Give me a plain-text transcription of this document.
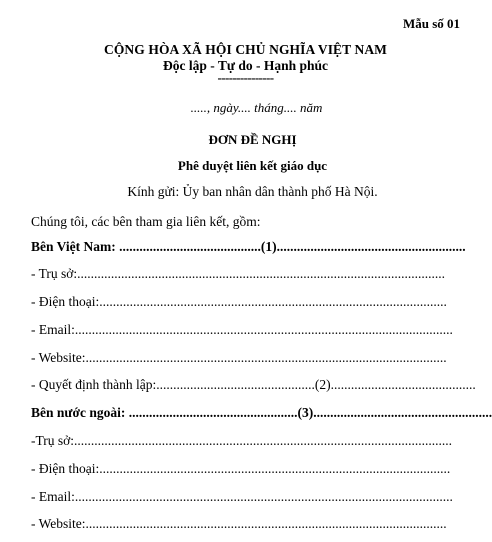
Mẫu số 01
CỘNG HÒA XÃ HỘI CHỦ NGHĨA VIỆT NAM
Độc lập - Tự do - Hạnh phúc
---------------
....., ngày.... tháng.... năm
ĐƠN ĐỀ NGHỊ
Phê duyệt liên kết giáo dục
Kính gửi: Ủy ban nhân dân thành phố Hà Nội.
Chúng tôi, các bên tham gia liên kết, gồm:
Bên Việt Nam: ..........................................(1)........................................................
- Trụ sở:.............................................................................................................
- Điện thoại:.......................................................................................................
- Email:................................................................................................................
- Website:...........................................................................................................
- Quyết định thành lập:...............................................(2)...........................................
Bên nước ngoài: ..................................................(3).....................................................
-Trụ sở:................................................................................................................
- Điện thoại:........................................................................................................
- Email:................................................................................................................
- Website:...........................................................................................................
